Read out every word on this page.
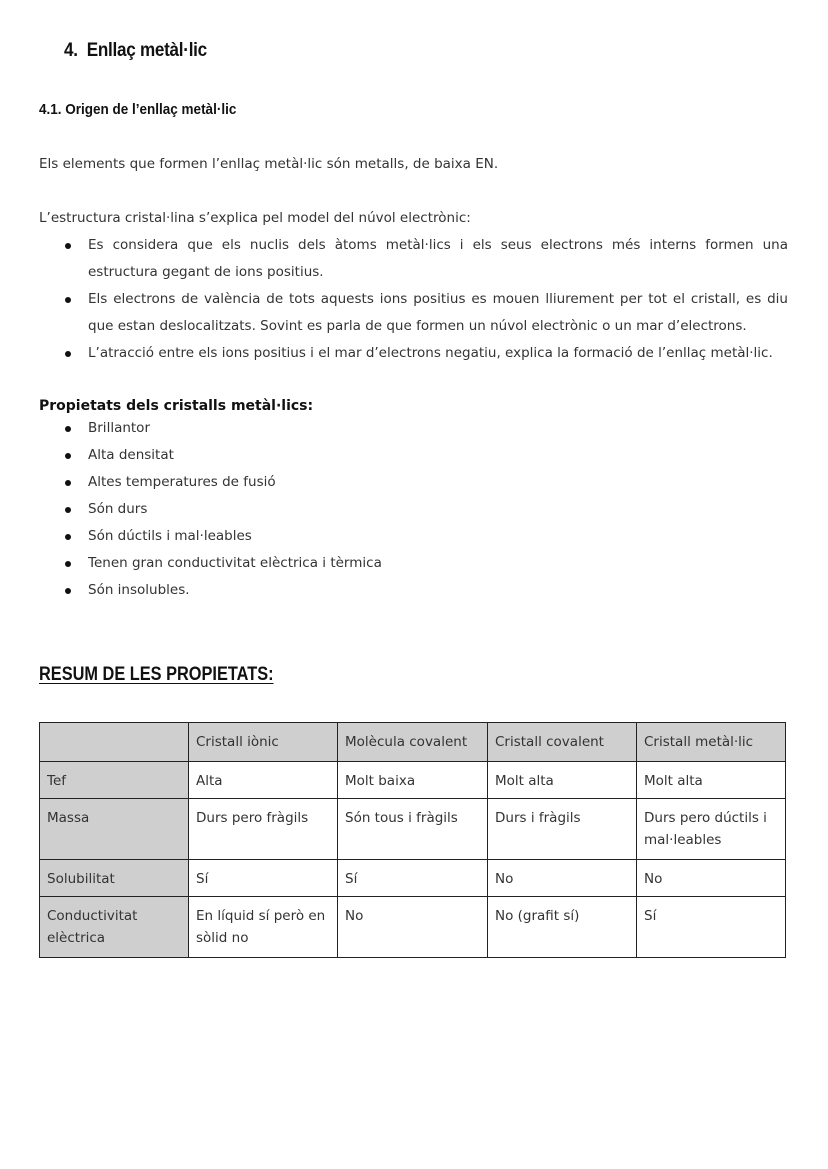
4. Enllaç metàl·lic
4.1. Origen de l’enllaç metàl·lic
Els elements que formen l’enllaç metàl·lic són metalls, de baixa EN.
L’estructura cristal·lina s’explica pel model del núvol electrònic:
Es considera que els nuclis dels àtoms metàl·lics i els seus electrons més interns formen una estructura gegant de ions positius.
Els electrons de valència de tots aquests ions positius es mouen lliurement per tot el cristall, es diu que estan deslocalitzats. Sovint es parla de que formen un núvol electrònic o un mar d’electrons.
L’atracció entre els ions positius i el mar d’electrons negatiu, explica la formació de l’enllaç metàl·lic.
Propietats dels cristalls metàl·lics:
Brillantor
Alta densitat
Altes temperatures de fusió
Són durs
Són dúctils i mal·leables
Tenen gran conductivitat elèctrica i tèrmica
Són insolubles.
RESUM DE LES PROPIETATS:
	Cristall iònic	Molècula covalent	Cristall covalent	Cristall metàl·lic
Tef	Alta	Molt baixa	Molt alta	Molt alta
Massa	Durs pero fràgils	Són tous i fràgils	Durs i fràgils	Durs pero dúctils i mal·leables
Solubilitat	Sí	Sí	No	No
Conductivitat elèctrica	En líquid sí però en sòlid no	No	No (grafit sí)	Sí
